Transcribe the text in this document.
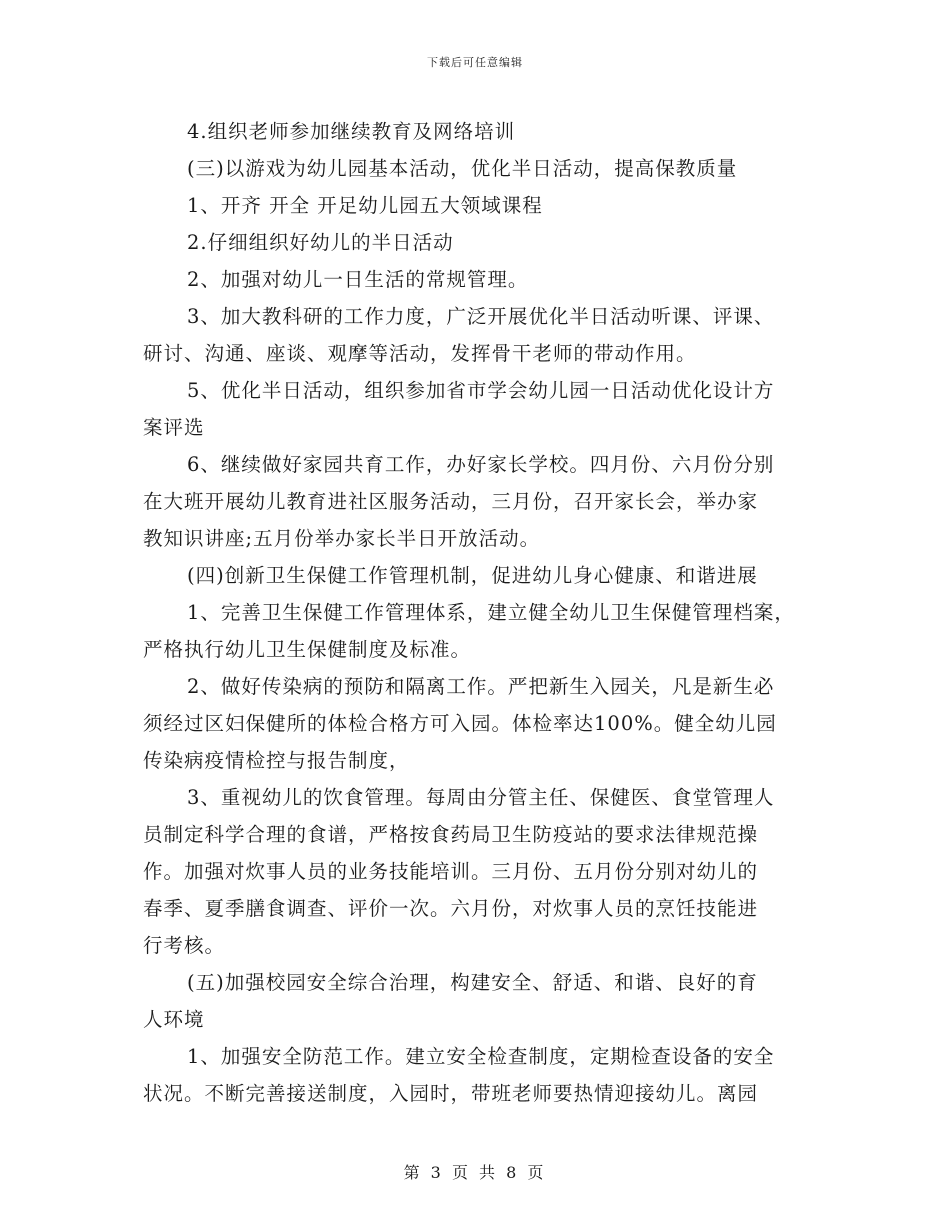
下载后可任意编辑
4.组织老师参加继续教育及网络培训
(三)以游戏为幼儿园基本活动，优化半日活动，提高保教质量
1、开齐 开全 开足幼儿园五大领域课程
2.仔细组织好幼儿的半日活动
2、加强对幼儿一日生活的常规管理。
3、加大教科研的工作力度，广泛开展优化半日活动听课、评课、
研讨、沟通、座谈、观摩等活动，发挥骨干老师的带动作用。
5、优化半日活动，组织参加省市学会幼儿园一日活动优化设计方
案评选
6、继续做好家园共育工作，办好家长学校。四月份、六月份分别
在大班开展幼儿教育进社区服务活动，三月份，召开家长会，举办家
教知识讲座;五月份举办家长半日开放活动。
(四)创新卫生保健工作管理机制，促进幼儿身心健康、和谐进展
1、完善卫生保健工作管理体系，建立健全幼儿卫生保健管理档案，
严格执行幼儿卫生保健制度及标准。
2、做好传染病的预防和隔离工作。严把新生入园关，凡是新生必
须经过区妇保健所的体检合格方可入园。体检率达100%。健全幼儿园
传染病疫情检控与报告制度，
3、重视幼儿的饮食管理。每周由分管主任、保健医、食堂管理人
员制定科学合理的食谱，严格按食药局卫生防疫站的要求法律规范操
作。加强对炊事人员的业务技能培训。三月份、五月份分别对幼儿的
春季、夏季膳食调查、评价一次。六月份，对炊事人员的烹饪技能进
行考核。
(五)加强校园安全综合治理，构建安全、舒适、和谐、良好的育
人环境
1、加强安全防范工作。建立安全检查制度，定期检查设备的安全
状况。不断完善接送制度，入园时，带班老师要热情迎接幼儿。离园
第 3 页 共 8 页
